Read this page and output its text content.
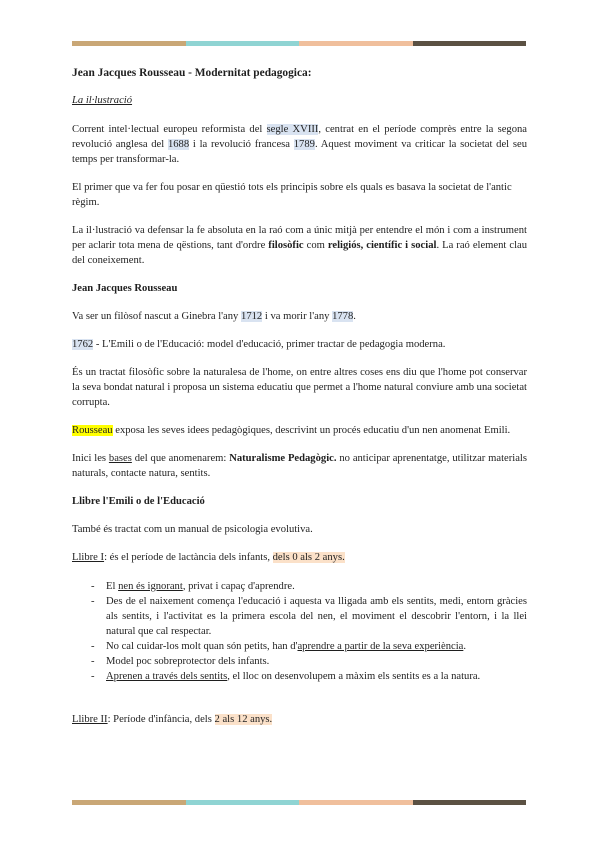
Jean Jacques Rousseau - Modernitat pedagogica:

La il·lustració

Corrent intel·lectual europeu reformista del segle XVIII, centrat en el període comprès entre la segona revolució anglesa del 1688 i la revolució francesa 1789. Aquest moviment va criticar la societat del seu temps per transformar-la.

El primer que va fer fou posar en qüestió tots els principis sobre els quals es basava la societat de l'antic règim.

La il·lustració va defensar la fe absoluta en la raó com a únic mitjà per entendre el món i com a instrument per aclarir tota mena de qëstions, tant d'ordre filosòfic com religiós, científic i social. La raó element clau del coneixement.

Jean Jacques Rousseau

Va ser un filòsof nascut a Ginebra l'any 1712 i va morir l'any 1778.

1762 - L'Emili o de l'Educació: model d'educació, primer tractar de pedagogia moderna.

És un tractat filosòfic sobre la naturalesa de l'home, on entre altres coses ens diu que l'home pot conservar la seva bondat natural i proposa un sistema educatiu que permet a l'home natural conviure amb una societat corrupta.

Rousseau exposa les seves idees pedagògiques, descrivint un procés educatiu d'un nen anomenat Emili.

Inici les bases del que anomenarem: Naturalisme Pedagògic. no anticipar aprenentatge, utilitzar materials naturals, contacte natura, sentits.

Llibre l'Emili o de l'Educació

També és tractat com un manual de psicologia evolutiva.

Llibre I: és el període de lactància dels infants, dels 0 als 2 anys.

- El nen és ignorant, privat i capaç d'aprendre.
- Des de el naixement comença l'educació i aquesta va lligada amb els sentits, medi, entorn gràcies als sentits, i l'activitat es la primera escola del nen, el moviment el descobrir l'entorn, i la llei natural que cal respectar.
- No cal cuidar-los molt quan són petits, han d'aprendre a partir de la seva experiència.
- Model poc sobreprotector dels infants.
- Aprenen a través dels sentits, el lloc on desenvolupem a màxim els sentits es a la natura.

Llibre II: Període d'infància, dels 2 als 12 anys.
